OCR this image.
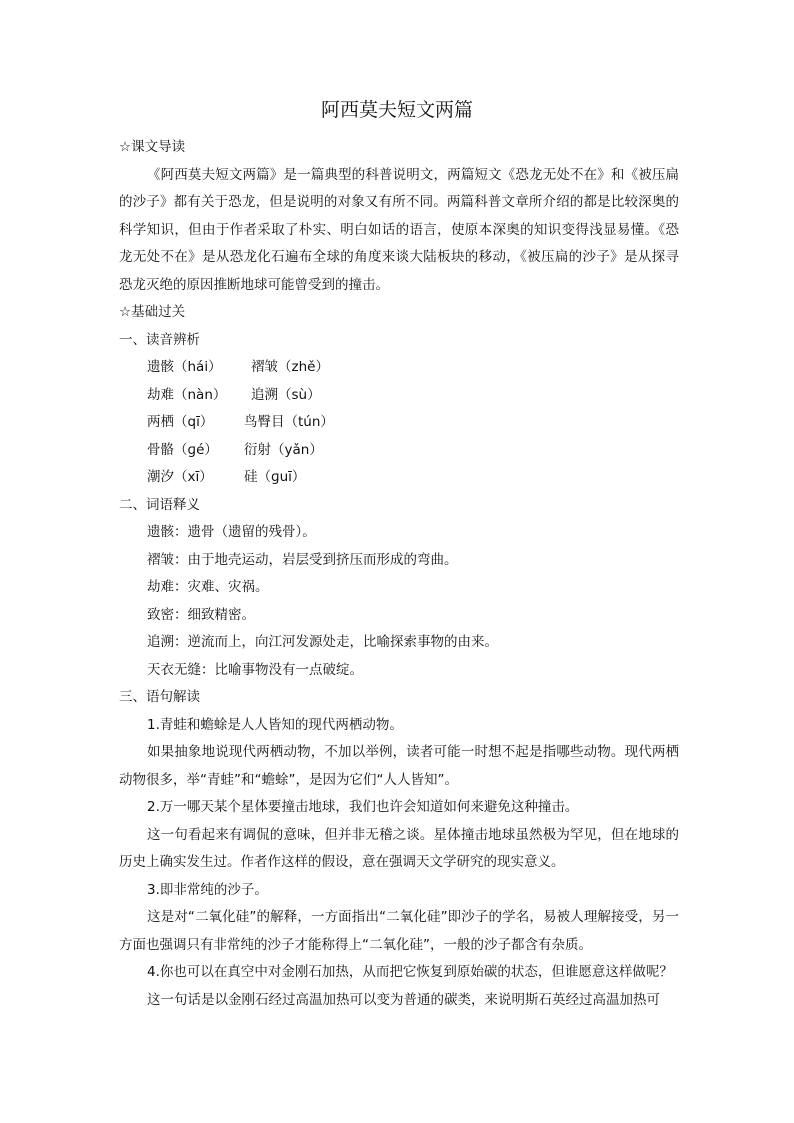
阿西莫夫短文两篇
☆课文导读
《阿西莫夫短文两篇》是一篇典型的科普说明文，两篇短文《恐龙无处不在》和《被压扁的沙子》都有关于恐龙，但是说明的对象又有所不同。两篇科普文章所介绍的都是比较深奥的科学知识，但由于作者采取了朴实、明白如话的语言，使原本深奥的知识变得浅显易懂。《恐龙无处不在》是从恐龙化石遍布全球的角度来谈大陆板块的移动，《被压扁的沙子》是从探寻恐龙灭绝的原因推断地球可能曾受到的撞击。
☆基础过关
一、读音辨析
遗骸（hái） 褶皱（zhě）
劫难（nàn） 追溯（sù）
两栖（qī） 鸟臀目（tún）
骨骼（ɡé） 衍射（yǎn）
潮汐（xī） 硅（ɡuī）
二、词语释义
遗骸：遗骨（遗留的残骨）。
褶皱：由于地壳运动，岩层受到挤压而形成的弯曲。
劫难：灾难、灾祸。
致密：细致精密。
追溯：逆流而上，向江河发源处走，比喻探索事物的由来。
天衣无缝：比喻事物没有一点破绽。
三、语句解读
1.青蛙和蟾蜍是人人皆知的现代两栖动物。
如果抽象地说现代两栖动物，不加以举例，读者可能一时想不起是指哪些动物。现代两栖动物很多，举“青蛙”和“蟾蜍”，是因为它们“人人皆知”。
2.万一哪天某个星体要撞击地球，我们也许会知道如何来避免这种撞击。
这一句看起来有调侃的意味，但并非无稽之谈。星体撞击地球虽然极为罕见，但在地球的历史上确实发生过。作者作这样的假设，意在强调天文学研究的现实意义。
3.即非常纯的沙子。
这是对“二氧化硅”的解释，一方面指出“二氧化硅”即沙子的学名，易被人理解接受，另一方面也强调只有非常纯的沙子才能称得上“二氧化硅”，一般的沙子都含有杂质。
4.你也可以在真空中对金刚石加热，从而把它恢复到原始碳的状态，但谁愿意这样做呢？
这一句话是以金刚石经过高温加热可以变为普通的碳类，来说明斯石英经过高温加热可
